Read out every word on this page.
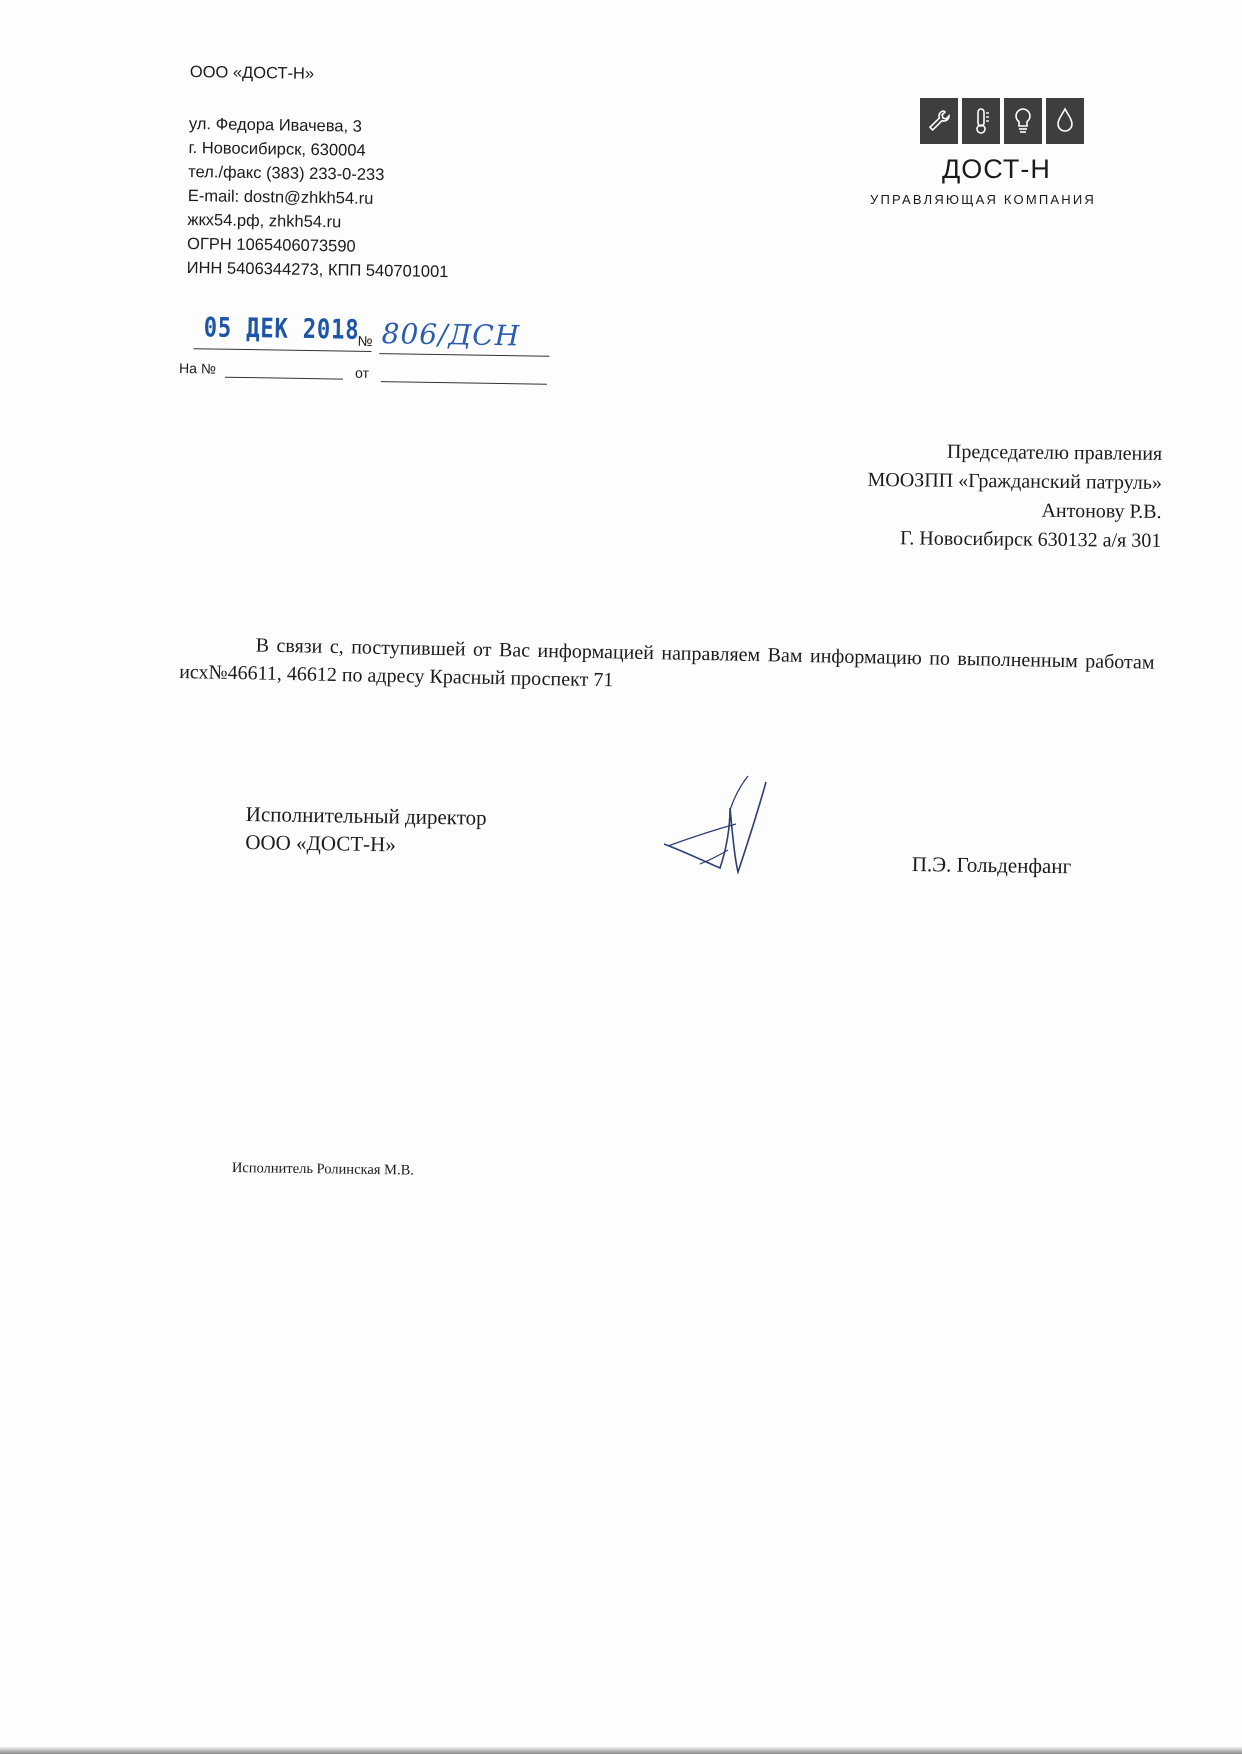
ООО «ДОСТ-Н»
ул. Федора Ивачева, 3
г. Новосибирск, 630004
тел./факс (383) 233-0-233
E-mail: dostn@zhkh54.ru
жкх54.рф, zhkh54.ru
ОГРН 1065406073590
ИНН 5406344273, КПП 540701001
05 ДЕК 2018
№ 806/ДСН
На №	от
ДОСТ-Н
УПРАВЛЯЮЩАЯ КОМПАНИЯ
Председателю правления
МООЗПП «Гражданский патруль»
Антонову Р.В.
Г. Новосибирск 630132 а/я 301
В связи с, поступившей от Вас информацией направляем Вам информацию по выполненным работам исх№46611, 46612 по адресу Красный проспект 71
Исполнительный директор
ООО «ДОСТ-Н»
П.Э. Гольденфанг
Исполнитель Ролинская М.В.
